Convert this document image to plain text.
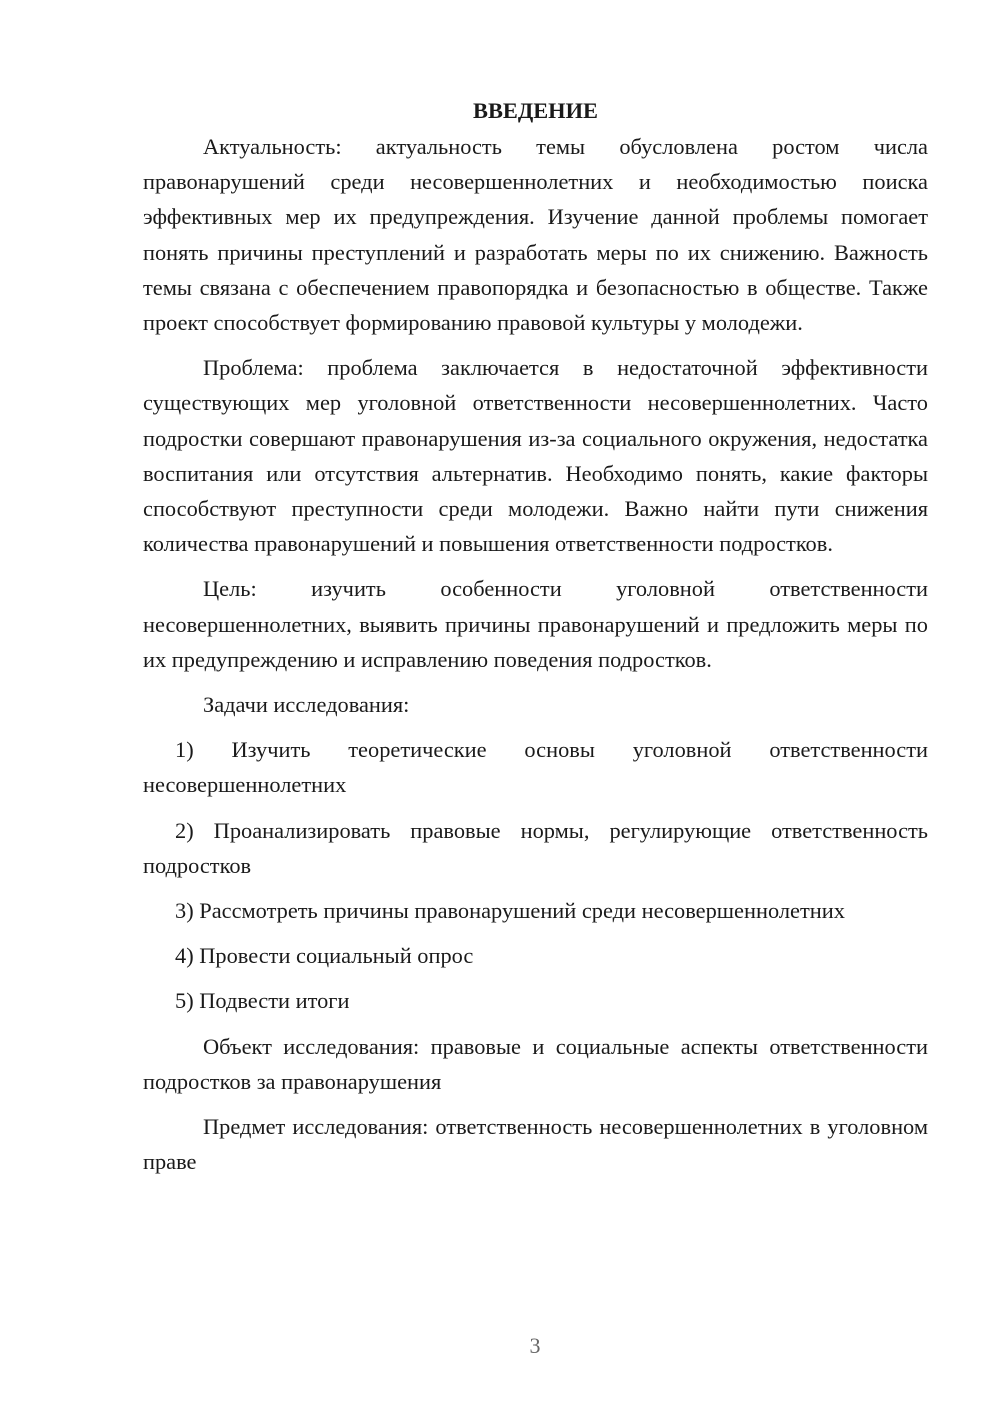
ВВЕДЕНИЕ

Актуальность: актуальность темы обусловлена ростом числа правонарушений среди несовершеннолетних и необходимостью поиска эффективных мер их предупреждения. Изучение данной проблемы помогает понять причины преступлений и разработать меры по их снижению. Важность темы связана с обеспечением правопорядка и безопасностью в обществе. Также проект способствует формированию правовой культуры у молодежи.

Проблема: проблема заключается в недостаточной эффективности существующих мер уголовной ответственности несовершеннолетних. Часто подростки совершают правонарушения из-за социального окружения, недостатка воспитания или отсутствия альтернатив. Необходимо понять, какие факторы способствуют преступности среди молодежи. Важно найти пути снижения количества правонарушений и повышения ответственности подростков.

Цель: изучить особенности уголовной ответственности несовершеннолетних, выявить причины правонарушений и предложить меры по их предупреждению и исправлению поведения подростков.

Задачи исследования:

1) Изучить теоретические основы уголовной ответственности несовершеннолетних

2) Проанализировать правовые нормы, регулирующие ответственность подростков

3) Рассмотреть причины правонарушений среди несовершеннолетних

4) Провести социальный опрос

5) Подвести итоги

Объект исследования: правовые и социальные аспекты ответственности подростков за правонарушения

Предмет исследования: ответственность несовершеннолетних в уголовном праве

3
